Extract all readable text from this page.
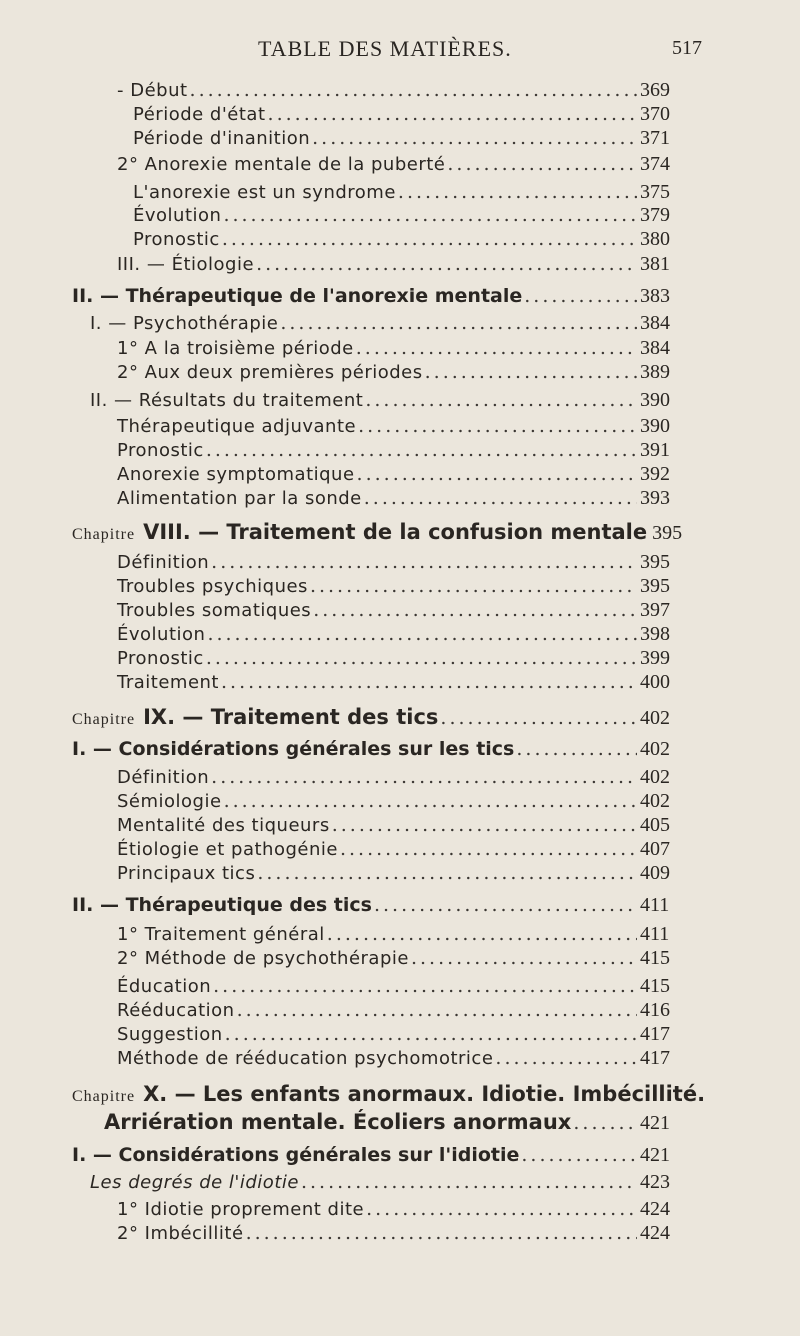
TABLE DES MATIÈRES.	517
- Début .....	369
Période d'état .....	370
Période d'inanition .....	371
2° Anorexie mentale de la puberté .....	374
L'anorexie est un syndrome .....	375
Évolution .....	379
Pronostic .....	380
III. — Étiologie .....	381
II. — Thérapeutique de l'anorexie mentale .....	383
I. — Psychothérapie .....	384
1° A la troisième période .....	384
2° Aux deux premières périodes .....	389
II. — Résultats du traitement .....	390
Thérapeutique adjuvante .....	390
Pronostic .....	391
Anorexie symptomatique .....	392
Alimentation par la sonde .....	393
Chapitre VIII. — Traitement de la confusion mentale 395
Définition .....	395
Troubles psychiques .....	395
Troubles somatiques .....	397
Évolution .....	398
Pronostic .....	399
Traitement .....	400
Chapitre IX. — Traitement des tics .....	402
I. — Considérations générales sur les tics .....	402
Définition .....	402
Sémiologie .....	402
Mentalité des tiqueurs .....	405
Étiologie et pathogénie .....	407
Principaux tics .....	409
II. — Thérapeutique des tics .....	411
1° Traitement général .....	411
2° Méthode de psychothérapie .....	415
Éducation .....	415
Rééducation .....	416
Suggestion .....	417
Méthode de rééducation psychomotrice .....	417
Chapitre X. — Les enfants anormaux. Idiotie. Imbécillité.
Arriération mentale. Écoliers anormaux .....	421
I. — Considérations générales sur l'idiotie .....	421
Les degrés de l'idiotie .....	423
1° Idiotie proprement dite .....	424
2° Imbécillité .....	424
